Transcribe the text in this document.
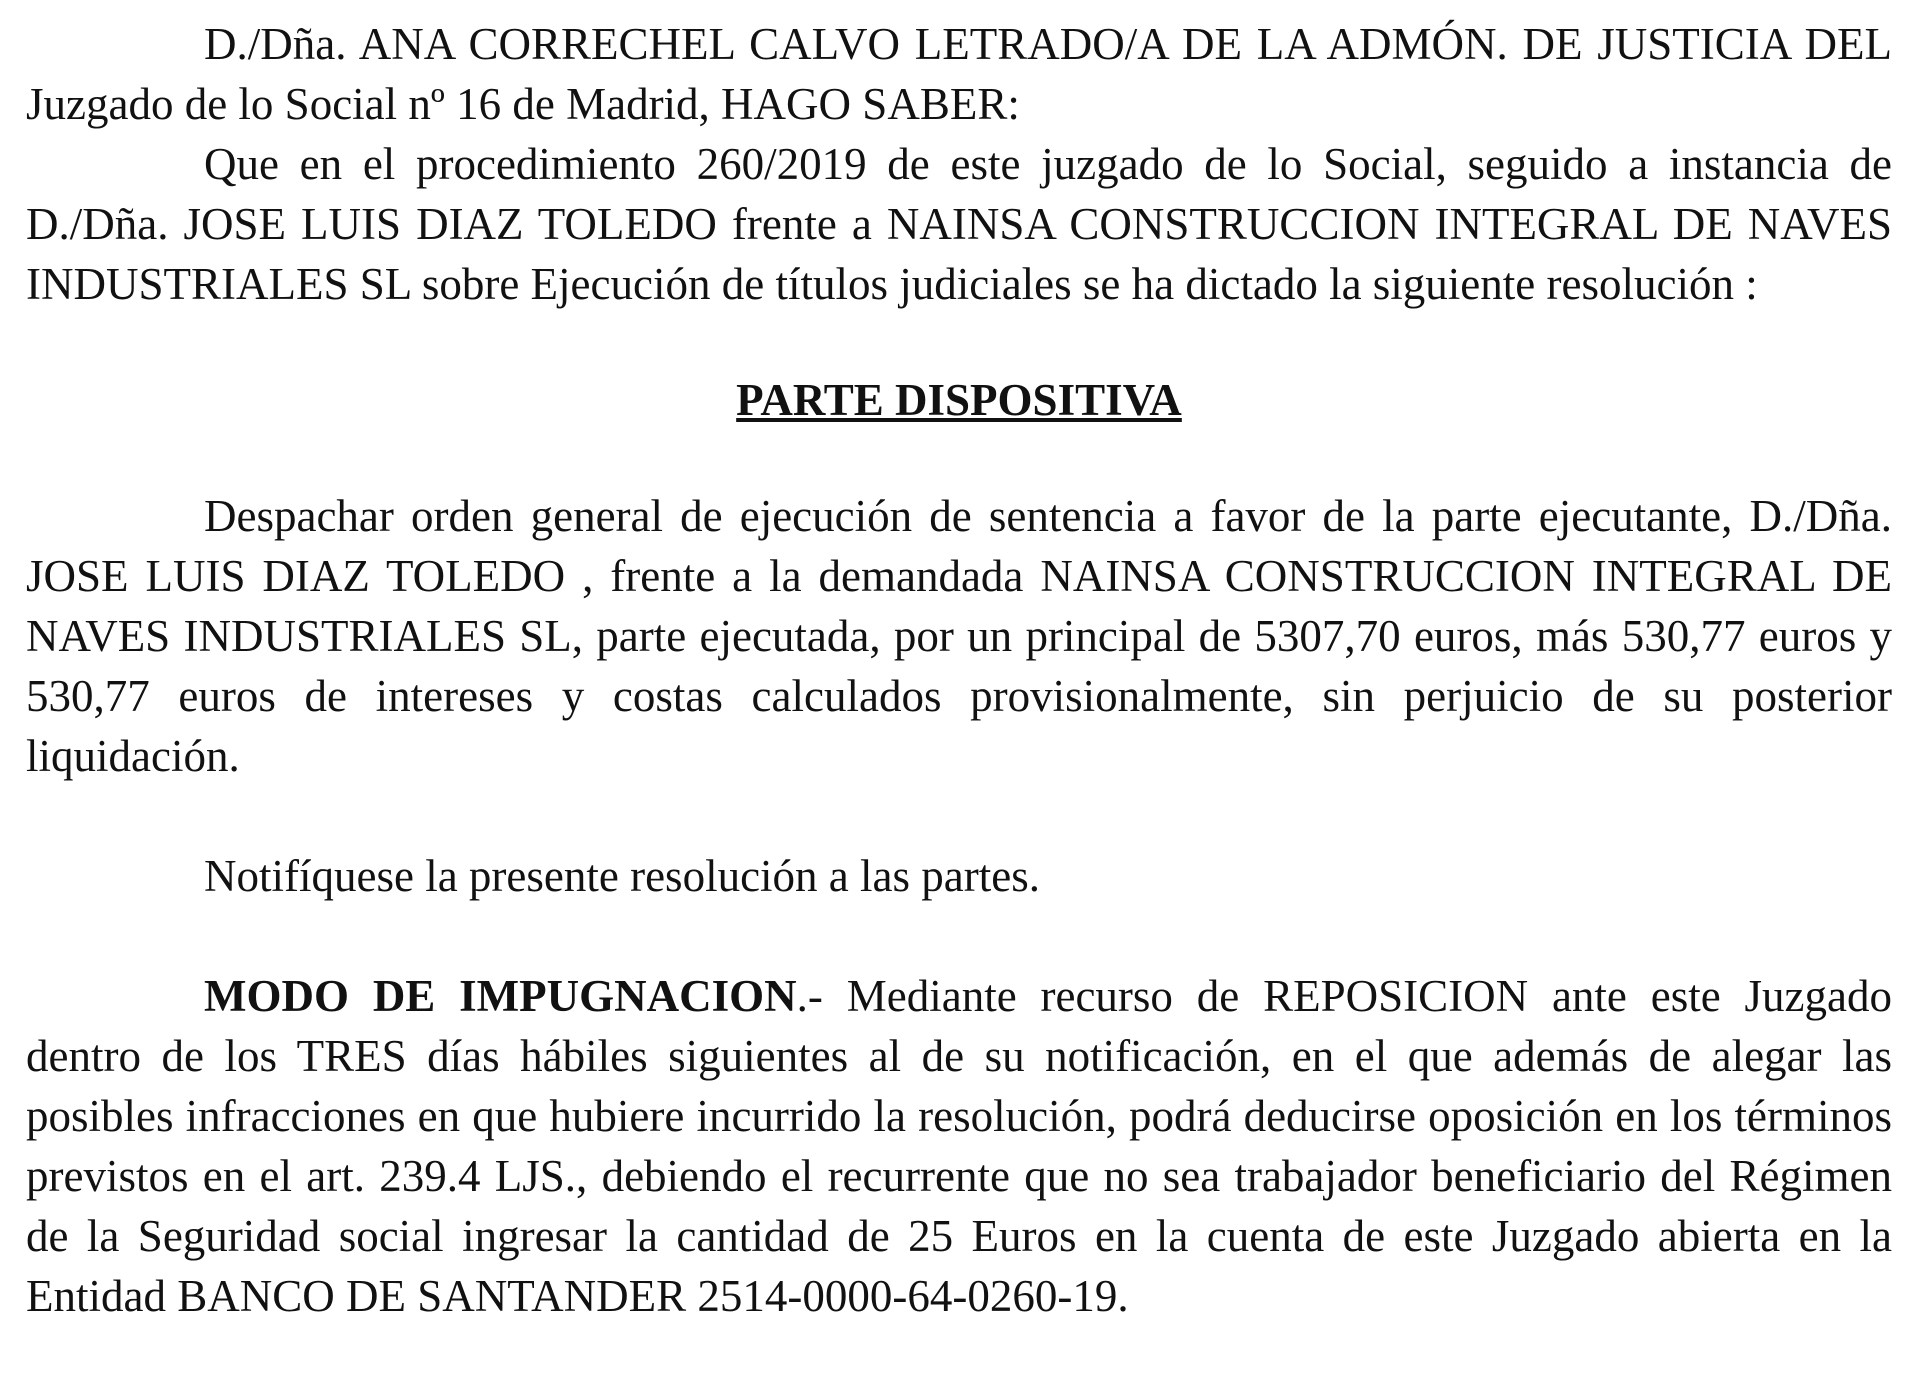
D./Dña. ANA CORRECHEL CALVO LETRADO/A DE LA ADMÓN. DE JUSTICIA DEL Juzgado de lo Social nº 16 de Madrid, HAGO SABER:

Que en el procedimiento 260/2019 de este juzgado de lo Social, seguido a instancia de D./Dña. JOSE LUIS DIAZ TOLEDO frente a NAINSA CONSTRUCCION INTEGRAL DE NAVES INDUSTRIALES SL sobre Ejecución de títulos judiciales se ha dictado la siguiente resolución :

PARTE DISPOSITIVA

Despachar orden general de ejecución de sentencia a favor de la parte ejecutante, D./Dña. JOSE LUIS DIAZ TOLEDO , frente a la demandada NAINSA CONSTRUCCION INTEGRAL DE NAVES INDUSTRIALES SL, parte ejecutada, por un principal de 5307,70 euros, más 530,77 euros y 530,77 euros de intereses y costas calculados provisionalmente, sin perjuicio de su posterior liquidación.

Notifíquese la presente resolución a las partes.

MODO DE IMPUGNACION.- Mediante recurso de REPOSICION ante este Juzgado dentro de los TRES días hábiles siguientes al de su notificación, en el que además de alegar las posibles infracciones en que hubiere incurrido la resolución, podrá deducirse oposición en los términos previstos en el art. 239.4 LJS., debiendo el recurrente que no sea trabajador beneficiario del Régimen de la Seguridad social ingresar la cantidad de 25 Euros en la cuenta de este Juzgado abierta en la Entidad BANCO DE SANTANDER 2514-0000-64-0260-19.
